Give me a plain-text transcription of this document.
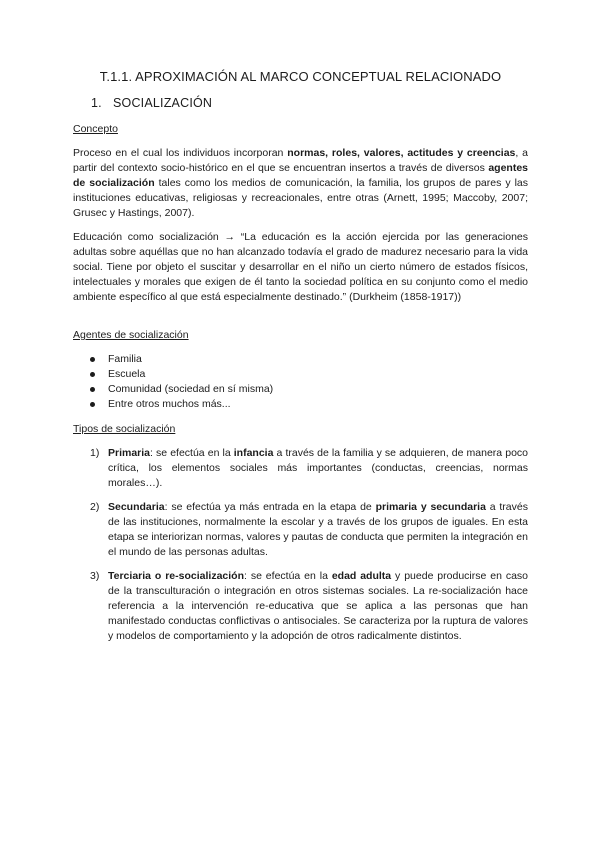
T.1.1. APROXIMACIÓN AL MARCO CONCEPTUAL RELACIONADO
1. SOCIALIZACIÓN

Concepto

Proceso en el cual los individuos incorporan normas, roles, valores, actitudes y creencias, a partir del contexto socio-histórico en el que se encuentran insertos a través de diversos agentes de socialización tales como los medios de comunicación, la familia, los grupos de pares y las instituciones educativas, religiosas y recreacionales, entre otras (Arnett, 1995; Maccoby, 2007; Grusec y Hastings, 2007).

Educación como socialización → “La educación es la acción ejercida por las generaciones adultas sobre aquéllas que no han alcanzado todavía el grado de madurez necesario para la vida social. Tiene por objeto el suscitar y desarrollar en el niño un cierto número de estados físicos, intelectuales y morales que exigen de él tanto la sociedad política en su conjunto como el medio ambiente específico al que está especialmente destinado.” (Durkheim (1858-1917))

Agentes de socialización

Familia
Escuela
Comunidad (sociedad en sí misma)
Entre otros muchos más...

Tipos de socialización

1) Primaria: se efectúa en la infancia a través de la familia y se adquieren, de manera poco crítica, los elementos sociales más importantes (conductas, creencias, normas morales…).
2) Secundaria: se efectúa ya más entrada en la etapa de primaria y secundaria a través de las instituciones, normalmente la escolar y a través de los grupos de iguales. En esta etapa se interiorizan normas, valores y pautas de conducta que permiten la integración en el mundo de las personas adultas.
3) Terciaria o re-socialización: se efectúa en la edad adulta y puede producirse en caso de la transculturación o integración en otros sistemas sociales. La re-socialización hace referencia a la intervención re-educativa que se aplica a las personas que han manifestado conductas conflictivas o antisociales. Se caracteriza por la ruptura de valores y modelos de comportamiento y la adopción de otros radicalmente distintos.
